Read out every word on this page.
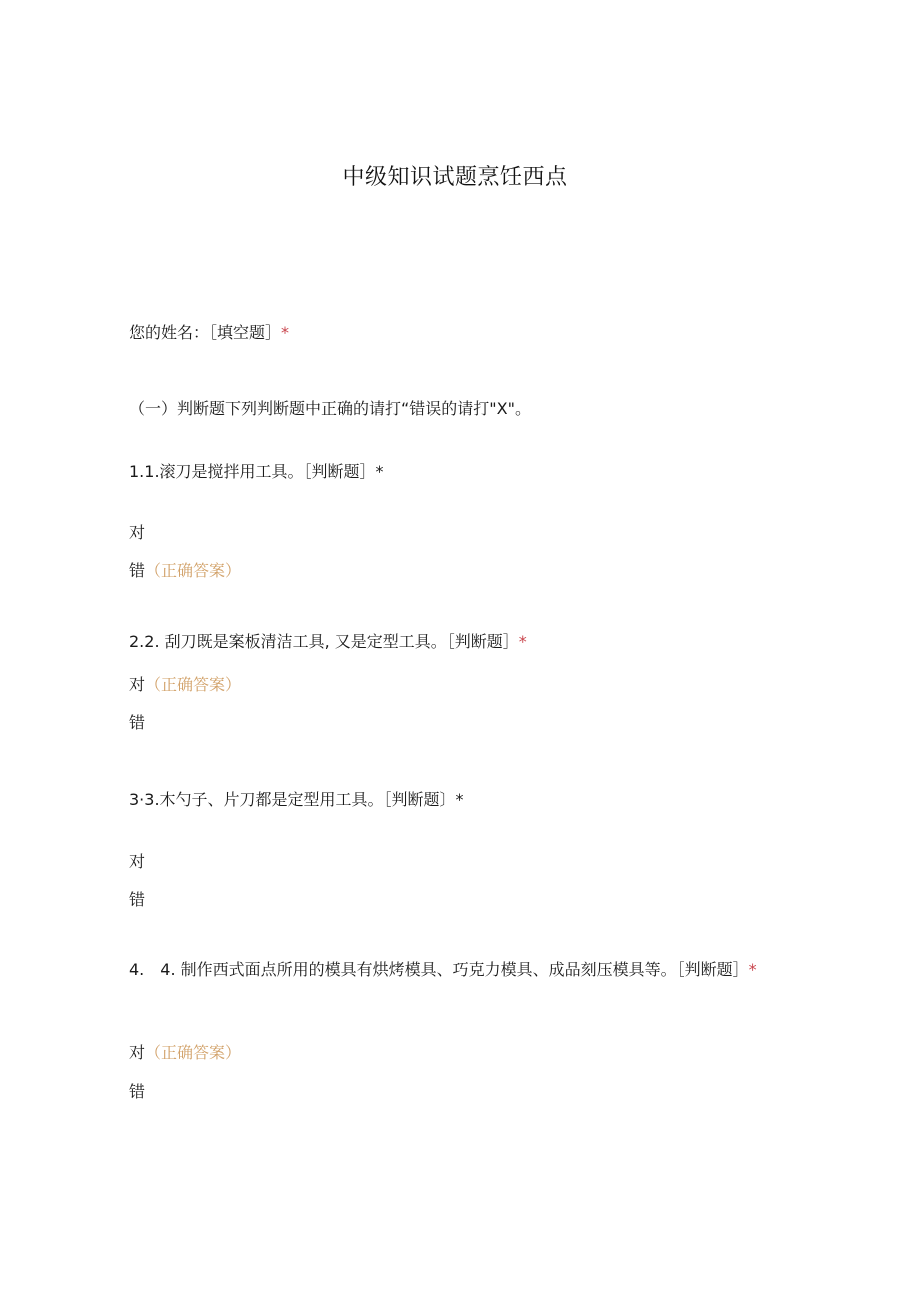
中级知识试题烹饪西点
您的姓名：［填空题］*
（一）判断题下列判断题中正确的请打“错误的请打"X"。
1.1.滚刀是搅拌用工具。［判断题］*
对
错（正确答案）
2.2. 刮刀既是案板清洁工具, 又是定型工具。［判断题］*
对（正确答案）
错
3·3.木勺子、片刀都是定型用工具。［判断题〕*
对
错
4.　4. 制作西式面点所用的模具有烘烤模具、巧克力模具、成品刻压模具等。［判断题］*
对（正确答案）
错
